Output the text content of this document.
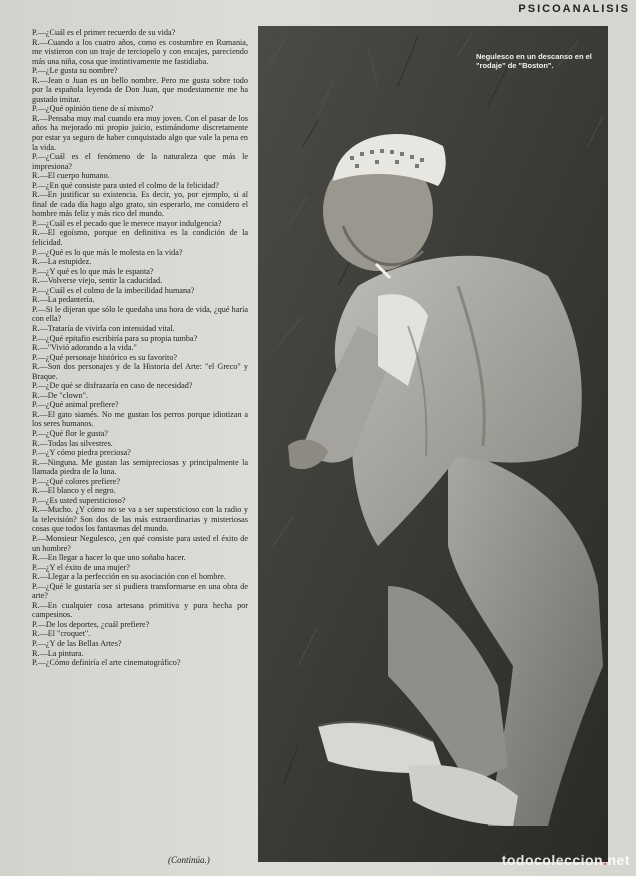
PSICOANALISIS

P.—¿Cuál es el primer recuerdo de su vida?

R.—Cuando a los cuatro años, como es costumbre en Rumania, me vistieron con un traje de terciopelo y con encajes, pareciendo más una niña, cosa que instintivamente me fastidiaba.

P.—¿Le gusta su nombre?

R.—Jean o Juan es un bello nombre. Pero me gusta sobre todo por la española leyenda de Don Juan, que modestamente me ha gustado imitar.

P.—¿Qué opinión tiene de sí mismo?

R.—Pensaba muy mal cuando era muy joven. Con el pasar de los años ha mejorado mi propio juicio, estimándome discretamente por estar ya seguro de haber conquistado algo que vale la pena en la vida.

P.—¿Cuál es el fenómeno de la naturaleza que más le impresiona?

R.—El cuerpo humano.

P.—¿En qué consiste para usted el colmo de la felicidad?

R.—En justificar su existencia. Es decir, yo, por ejemplo, si al final de cada día hago algo grato, sin esperarlo, me considero el hombre más feliz y más rico del mundo.

P.—¿Cuál es el pecado que le merece mayor indulgencia?

R.—El egoísmo, porque en definitiva es la condición de la felicidad.

P.—¿Qué es lo que más le molesta en la vida?

R.—La estupidez.

P.—¿Y qué es lo que más le espanta?

R.—Volverse viejo, sentir la caducidad.

P.—¿Cuál es el colmo de la imbecilidad humana?

R.—La pedantería.

P.—Si le dijeran que sólo le quedaba una hora de vida, ¿qué haría con ella?

R.—Trataría de vivirla con intensidad vital.

P.—¿Qué epitafio escribiría para su propia tumba?

R.—"Vivió adorando a la vida."

P.—¿Qué personaje histórico es su favorito?

R.—Son dos personajes y de la Historia del Arte: "el Greco" y Braque.

P.—¿De qué se disfrazaría en caso de necesidad?

R.—De "clown".

P.—¿Qué animal prefiere?

R.—El gato siamés. No me gustan los perros porque idiotizan a los seres humanos.

P.—¿Qué flor le gusta?

R.—Todas las silvestres.

P.—¿Y cómo piedra preciosa?

R.—Ninguna. Me gustan las semipreciosas y principalmente la llamada piedra de la luna.

P.—¿Qué colores prefiere?

R.—El blanco y el negro.

P.—¿Es usted supersticioso?

R.—Mucho. ¿Y cómo no se va a ser supersticioso con la radio y la televisión? Son dos de las más extraordinarias y misteriosas cosas que todos los fantasmas del mundo.

P.—Monsieur Negulesco, ¿en qué consiste para usted el éxito de un hombre?

R.—En llegar a hacer lo que uno soñaba hacer.

P.—¿Y el éxito de una mujer?

R.—Llegar a la perfección en su asociación con el hombre.

P.—¿Qué le gustaría ser si pudiera transformarse en una obra de arte?

R.—En cualquier cosa artesana primitiva y pura hecha por campesinos.

P.—De los deportes, ¿cuál prefiere?

R.—El "croquet".

P.—¿Y de las Bellas Artes?

R.—La pintura.

P.—¿Cómo definiría el arte cinematográfico?

(Continúa.)
Negulesco en un descanso en el
"rodaje" de "Boston".
todocoleccion.net
